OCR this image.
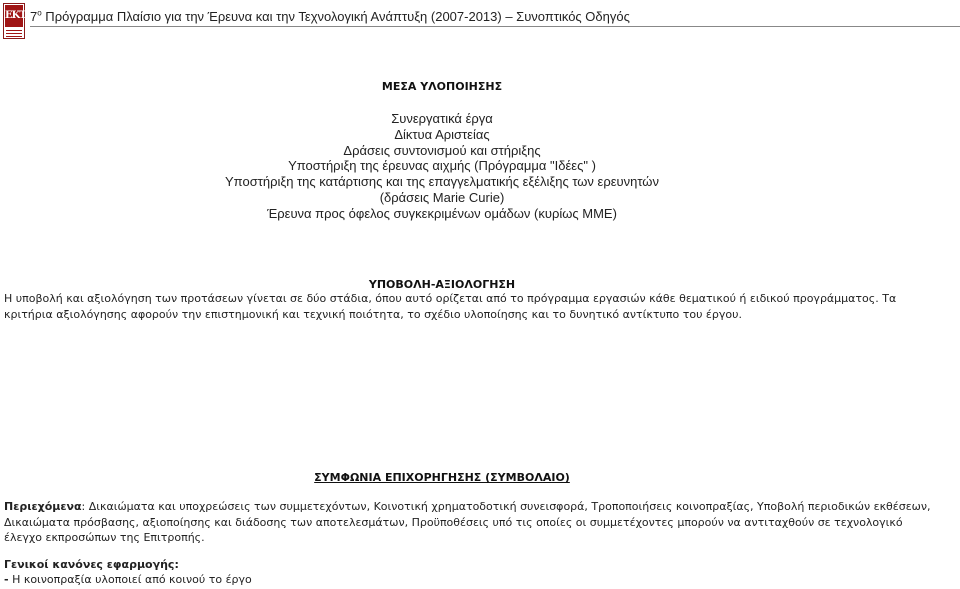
ΕΚΤ $7^o$ Πρόγραμμα Πλαίσιο για την Έρευνα και την Τεχνολογική Ανάπτυξη (2007-2013) – Συνοπτικός Οδηγός
ΜΕΣΑ ΥΛΟΠΟΙΗΣΗΣ
Συνεργατικά έργα
Δίκτυα Αριστείας
Δράσεις συντονισμού και στήριξης
Υποστήριξη της έρευνας αιχμής (Πρόγραμμα "Ιδέες" )
Υποστήριξη της κατάρτισης και της επαγγελματικής εξέλιξης των ερευνητών
(δράσεις Marie Curie)
Έρευνα προς όφελος συγκεκριμένων ομάδων (κυρίως ΜΜΕ)
ΥΠΟΒΟΛΗ-ΑΞΙΟΛΟΓΗΣΗ
Η υποβολή και αξιολόγηση των προτάσεων γίνεται σε δύο στάδια, όπου αυτό ορίζεται από το πρόγραμμα εργασιών κάθε θεματικού ή ειδικού προγράμματος. Τα κριτήρια αξιολόγησης αφορούν την επιστημονική και τεχνική ποιότητα, το σχέδιο υλοποίησης και το δυνητικό αντίκτυπο του έργου.
ΣΥΜΦΩΝΙΑ ΕΠΙΧΟΡΗΓΗΣΗΣ (ΣΥΜΒΟΛΑΙΟ)
Περιεχόμενα: Δικαιώματα και υποχρεώσεις των συμμετεχόντων, Κοινοτική χρηματοδοτική συνεισφορά, Τροποποιήσεις κοινοπραξίας, Υποβολή περιοδικών εκθέσεων, Δικαιώματα πρόσβασης, αξιοποίησης και διάδοσης των αποτελεσμάτων, Προϋποθέσεις υπό τις οποίες οι συμμετέχοντες μπορούν να αντιταχθούν σε τεχνολογικό έλεγχο εκπροσώπων της Επιτροπής.
Γενικοί κανόνες εφαρμογής:
- Η κοινοπραξία υλοποιεί από κοινού το έργο
